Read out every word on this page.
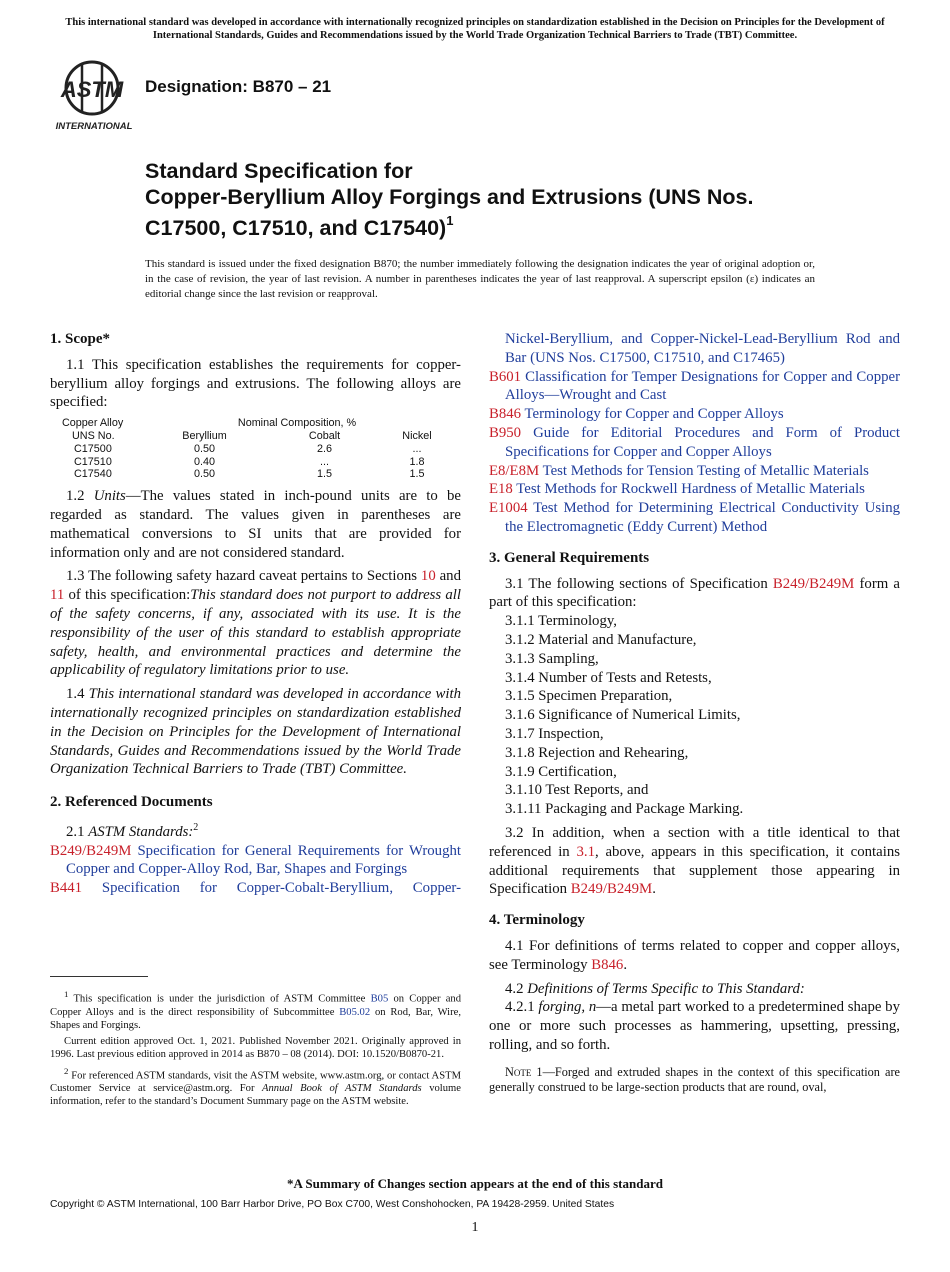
This international standard was developed in accordance with internationally recognized principles on standardization established in the Decision on Principles for the Development of International Standards, Guides and Recommendations issued by the World Trade Organization Technical Barriers to Trade (TBT) Committee.
ASTM
INTERNATIONAL
Designation: B870 – 21
Standard Specification for
Copper-Beryllium Alloy Forgings and Extrusions (UNS Nos.
C17500, C17510, and C17540)$^1$
This standard is issued under the fixed designation B870; the number immediately following the designation indicates the year of original adoption or, in the case of revision, the year of last revision. A number in parentheses indicates the year of last reapproval. A superscript epsilon (ε) indicates an editorial change since the last revision or reapproval.
1. Scope*

1.1 This specification establishes the requirements for copper-beryllium alloy forgings and extrusions. The following alloys are specified:

Copper Alloy	Nominal Composition, %		
UNS No.	Beryllium	Cobalt	Nickel
C17500	0.50	2.6	...
C17510	0.40	...	1.8
C17540	0.50	1.5	1.5

1.2 Units—The values stated in inch-pound units are to be regarded as standard. The values given in parentheses are mathematical conversions to SI units that are provided for information only and are not considered standard.

1.3 The following safety hazard caveat pertains to Sections 10 and 11 of this specification:This standard does not purport to address all of the safety concerns, if any, associated with its use. It is the responsibility of the user of this standard to establish appropriate safety, health, and environmental practices and determine the applicability of regulatory limitations prior to use.

1.4 This international standard was developed in accordance with internationally recognized principles on standardization established in the Decision on Principles for the Development of International Standards, Guides and Recommendations issued by the World Trade Organization Technical Barriers to Trade (TBT) Committee.

2. Referenced Documents

2.1 ASTM Standards:$^2$

B249/B249M Specification for General Requirements for Wrought Copper and Copper-Alloy Rod, Bar, Shapes and Forgings

B441 Specification for Copper-Cobalt-Beryllium, Copper-

$^1$ This specification is under the jurisdiction of ASTM Committee B05 on Copper and Copper Alloys and is the direct responsibility of Subcommittee B05.02 on Rod, Bar, Wire, Shapes and Forgings.

Current edition approved Oct. 1, 2021. Published November 2021. Originally approved in 1996. Last previous edition approved in 2014 as B870 – 08 (2014). DOI: 10.1520/B0870-21.

$^2$ For referenced ASTM standards, visit the ASTM website, www.astm.org, or contact ASTM Customer Service at service@astm.org. For Annual Book of ASTM Standards volume information, refer to the standard’s Document Summary page on the ASTM website.

Nickel-Beryllium, and Copper-Nickel-Lead-Beryllium Rod and Bar (UNS Nos. C17500, C17510, and C17465)

B601 Classification for Temper Designations for Copper and Copper Alloys—Wrought and Cast

B846 Terminology for Copper and Copper Alloys

B950 Guide for Editorial Procedures and Form of Product Specifications for Copper and Copper Alloys

E8/E8M Test Methods for Tension Testing of Metallic Materials

E18 Test Methods for Rockwell Hardness of Metallic Materials

E1004 Test Method for Determining Electrical Conductivity Using the Electromagnetic (Eddy Current) Method

3. General Requirements

3.1 The following sections of Specification B249/B249M form a part of this specification:

3.1.1 Terminology,

3.1.2 Material and Manufacture,

3.1.3 Sampling,

3.1.4 Number of Tests and Retests,

3.1.5 Specimen Preparation,

3.1.6 Significance of Numerical Limits,

3.1.7 Inspection,

3.1.8 Rejection and Rehearing,

3.1.9 Certification,

3.1.10 Test Reports, and

3.1.11 Packaging and Package Marking.

3.2 In addition, when a section with a title identical to that referenced in 3.1, above, appears in this specification, it contains additional requirements that supplement those appearing in Specification B249/B249M.

4. Terminology

4.1 For definitions of terms related to copper and copper alloys, see Terminology B846.

4.2 Definitions of Terms Specific to This Standard:

4.2.1 forging, n—a metal part worked to a predetermined shape by one or more such processes as hammering, upsetting, pressing, rolling, and so forth.

Note 1—Forged and extruded shapes in the context of this specification are generally construed to be large-section products that are round, oval,

*A Summary of Changes section appears at the end of this standard
Copyright © ASTM International, 100 Barr Harbor Drive, PO Box C700, West Conshohocken, PA 19428-2959. United States
1
